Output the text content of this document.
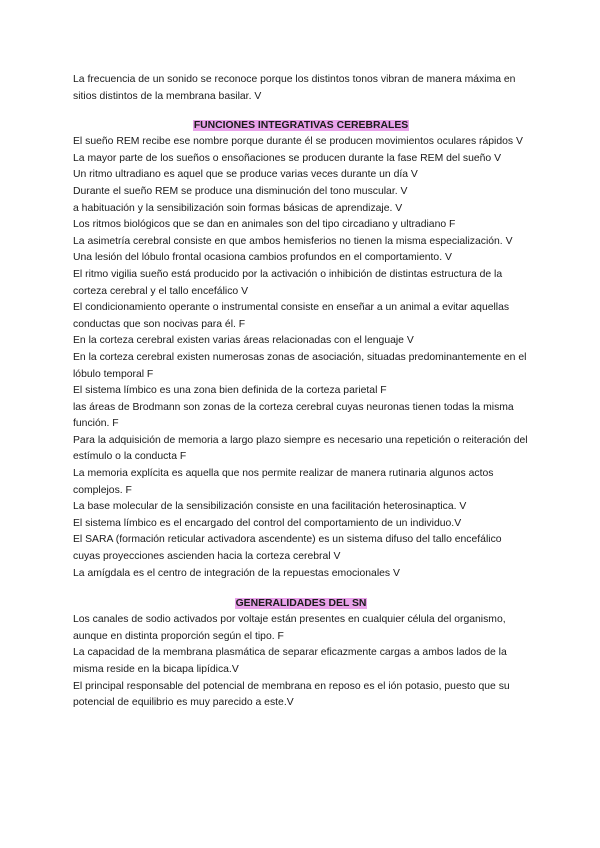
La frecuencia de un sonido se reconoce porque los distintos tonos vibran de manera máxima en sitios distintos de la membrana basilar. V

FUNCIONES INTEGRATIVAS CEREBRALES

El sueño REM recibe ese nombre porque durante él se producen movimientos oculares rápidos V

La mayor parte de los sueños o ensoñaciones se producen durante la fase REM del sueño V

Un ritmo ultradiano es aquel que se produce varias veces durante un día V

Durante el sueño REM se produce una disminución del tono muscular. V

a habituación y la sensibilización soin formas básicas de aprendizaje. V

Los ritmos biológicos que se dan en animales son del tipo circadiano y ultradiano F

La asimetría cerebral consiste en que ambos hemisferios no tienen la misma especialización. V

Una lesión del lóbulo frontal ocasiona cambios profundos en el comportamiento. V

El ritmo vigilia sueño está producido por la activación o inhibición de distintas estructura de la corteza cerebral y el tallo encefálico V

El condicionamiento operante o instrumental consiste en enseñar a un animal a evitar aquellas conductas que son nocivas para él. F

En la corteza cerebral existen varias áreas relacionadas con el lenguaje V

En la corteza cerebral existen numerosas zonas de asociación, situadas predominantemente en el lóbulo temporal F

El sistema límbico es una zona bien definida de la corteza parietal F

las áreas de Brodmann son zonas de la corteza cerebral cuyas neuronas tienen todas la misma función. F

Para la adquisición de memoria a largo plazo siempre es necesario una repetición o reiteración del estímulo o la conducta F

La memoria explícita es aquella que nos permite realizar de manera rutinaria algunos actos complejos. F

La base molecular de la sensibilización consiste en una facilitación heterosinaptica. V

El sistema límbico es el encargado del control del comportamiento de un individuo.V

El SARA (formación reticular activadora ascendente) es un sistema difuso del tallo encefálico cuyas proyecciones ascienden hacia la corteza cerebral V

La amígdala es el centro de integración de la repuestas emocionales V

GENERALIDADES DEL SN

Los canales de sodio activados por voltaje están presentes en cualquier célula del organismo, aunque en distinta proporción según el tipo. F

La capacidad de la membrana plasmática de separar eficazmente cargas a ambos lados de la misma reside en la bicapa lipídica.V

El principal responsable del potencial de membrana en reposo es el ión potasio, puesto que su potencial de equilibrio es muy parecido a este.V
